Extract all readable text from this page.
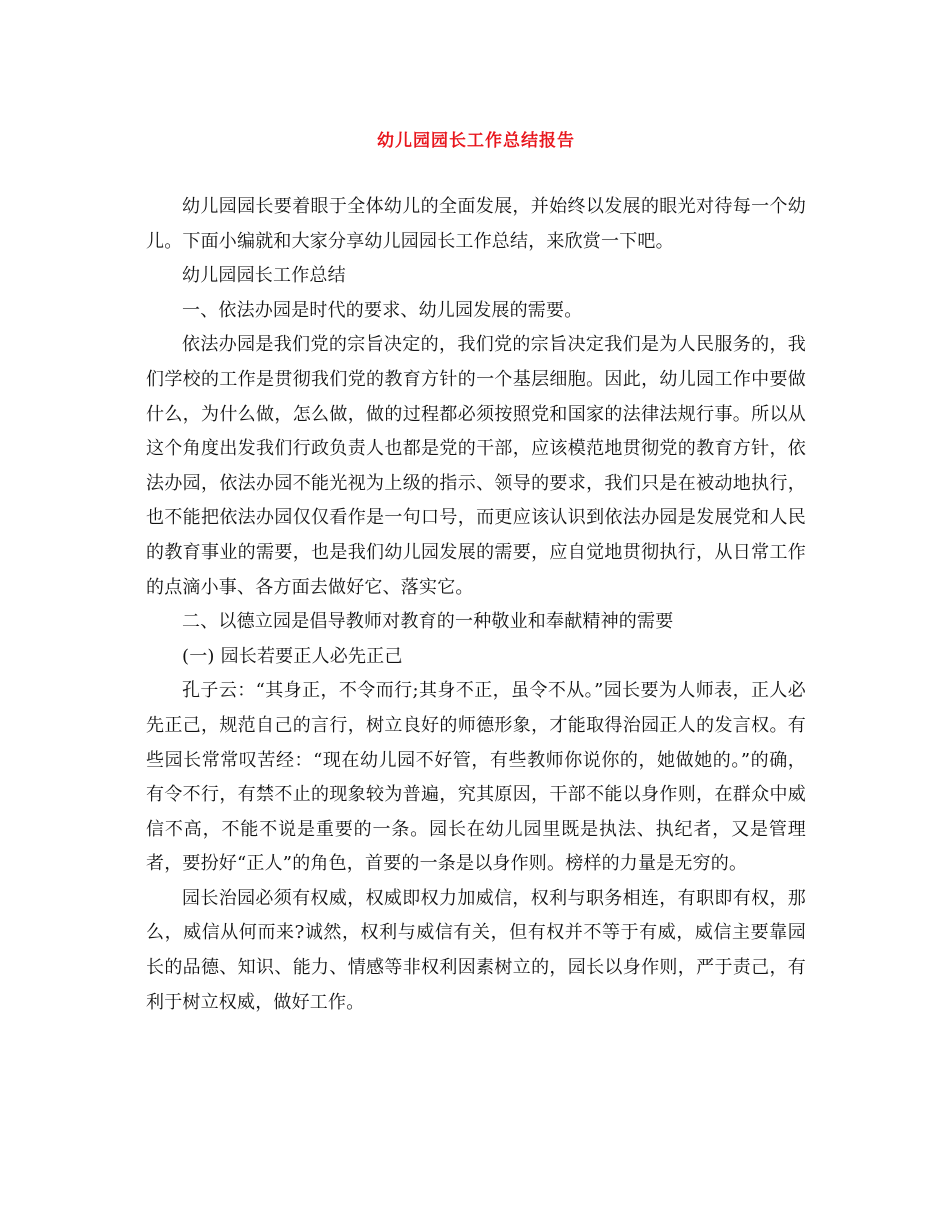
幼儿园园长工作总结报告

幼儿园园长要着眼于全体幼儿的全面发展，并始终以发展的眼光对待每一个幼儿。下面小编就和大家分享幼儿园园长工作总结，来欣赏一下吧。

幼儿园园长工作总结

一、依法办园是时代的要求、幼儿园发展的需要。

依法办园是我们党的宗旨决定的，我们党的宗旨决定我们是为人民服务的，我们学校的工作是贯彻我们党的教育方针的一个基层细胞。因此，幼儿园工作中要做什么，为什么做，怎么做，做的过程都必须按照党和国家的法律法规行事。所以从这个角度出发我们行政负责人也都是党的干部，应该模范地贯彻党的教育方针，依法办园，依法办园不能光视为上级的指示、领导的要求，我们只是在被动地执行，也不能把依法办园仅仅看作是一句口号，而更应该认识到依法办园是发展党和人民的教育事业的需要，也是我们幼儿园发展的需要，应自觉地贯彻执行，从日常工作的点滴小事、各方面去做好它、落实它。

二、以德立园是倡导教师对教育的一种敬业和奉献精神的需要

(一) 园长若要正人必先正己

孔子云：“其身正，不令而行;其身不正，虽令不从。”园长要为人师表，正人必先正己，规范自己的言行，树立良好的师德形象，才能取得治园正人的发言权。有些园长常常叹苦经：“现在幼儿园不好管，有些教师你说你的，她做她的。”的确，有令不行，有禁不止的现象较为普遍，究其原因，干部不能以身作则，在群众中威信不高，不能不说是重要的一条。园长在幼儿园里既是执法、执纪者，又是管理者，要扮好“正人”的角色，首要的一条是以身作则。榜样的力量是无穷的。

园长治园必须有权威，权威即权力加威信，权利与职务相连，有职即有权，那么，威信从何而来?诚然，权利与威信有关，但有权并不等于有威，威信主要靠园长的品德、知识、能力、情感等非权利因素树立的，园长以身作则，严于责己，有利于树立权威，做好工作。
